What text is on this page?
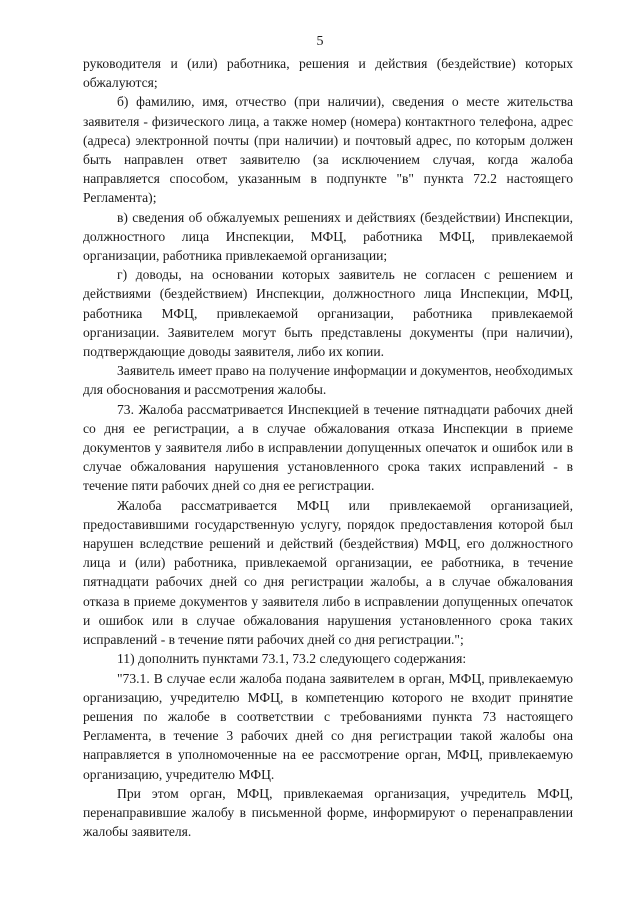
5

руководителя и (или) работника, решения и действия (бездействие) которых обжалуются;

б) фамилию, имя, отчество (при наличии), сведения о месте жительства заявителя - физического лица, а также номер (номера) контактного телефона, адрес (адреса) электронной почты (при наличии) и почтовый адрес, по которым должен быть направлен ответ заявителю (за исключением случая, когда жалоба направляется способом, указанным в подпункте "в" пункта 72.2 настоящего Регламента);

в) сведения об обжалуемых решениях и действиях (бездействии) Инспекции, должностного лица Инспекции, МФЦ, работника МФЦ, привлекаемой организации, работника привлекаемой организации;

г) доводы, на основании которых заявитель не согласен с решением и действиями (бездействием) Инспекции, должностного лица Инспекции, МФЦ, работника МФЦ, привлекаемой организации, работника привлекаемой организации. Заявителем могут быть представлены документы (при наличии), подтверждающие доводы заявителя, либо их копии.

Заявитель имеет право на получение информации и документов, необходимых для обоснования и рассмотрения жалобы.

73. Жалоба рассматривается Инспекцией в течение пятнадцати рабочих дней со дня ее регистрации, а в случае обжалования отказа Инспекции в приеме документов у заявителя либо в исправлении допущенных опечаток и ошибок или в случае обжалования нарушения установленного срока таких исправлений - в течение пяти рабочих дней со дня ее регистрации.

Жалоба рассматривается МФЦ или привлекаемой организацией, предоставившими государственную услугу, порядок предоставления которой был нарушен вследствие решений и действий (бездействия) МФЦ, его должностного лица и (или) работника, привлекаемой организации, ее работника, в течение пятнадцати рабочих дней со дня регистрации жалобы, а в случае обжалования отказа в приеме документов у заявителя либо в исправлении допущенных опечаток и ошибок или в случае обжалования нарушения установленного срока таких исправлений - в течение пяти рабочих дней со дня регистрации.";

11) дополнить пунктами 73.1, 73.2 следующего содержания:

"73.1. В случае если жалоба подана заявителем в орган, МФЦ, привлекаемую организацию, учредителю МФЦ, в компетенцию которого не входит принятие решения по жалобе в соответствии с требованиями пункта 73 настоящего Регламента, в течение 3 рабочих дней со дня регистрации такой жалобы она направляется в уполномоченные на ее рассмотрение орган, МФЦ, привлекаемую организацию, учредителю МФЦ.

При этом орган, МФЦ, привлекаемая организация, учредитель МФЦ, перенаправившие жалобу в письменной форме, информируют о перенаправлении жалобы заявителя.
